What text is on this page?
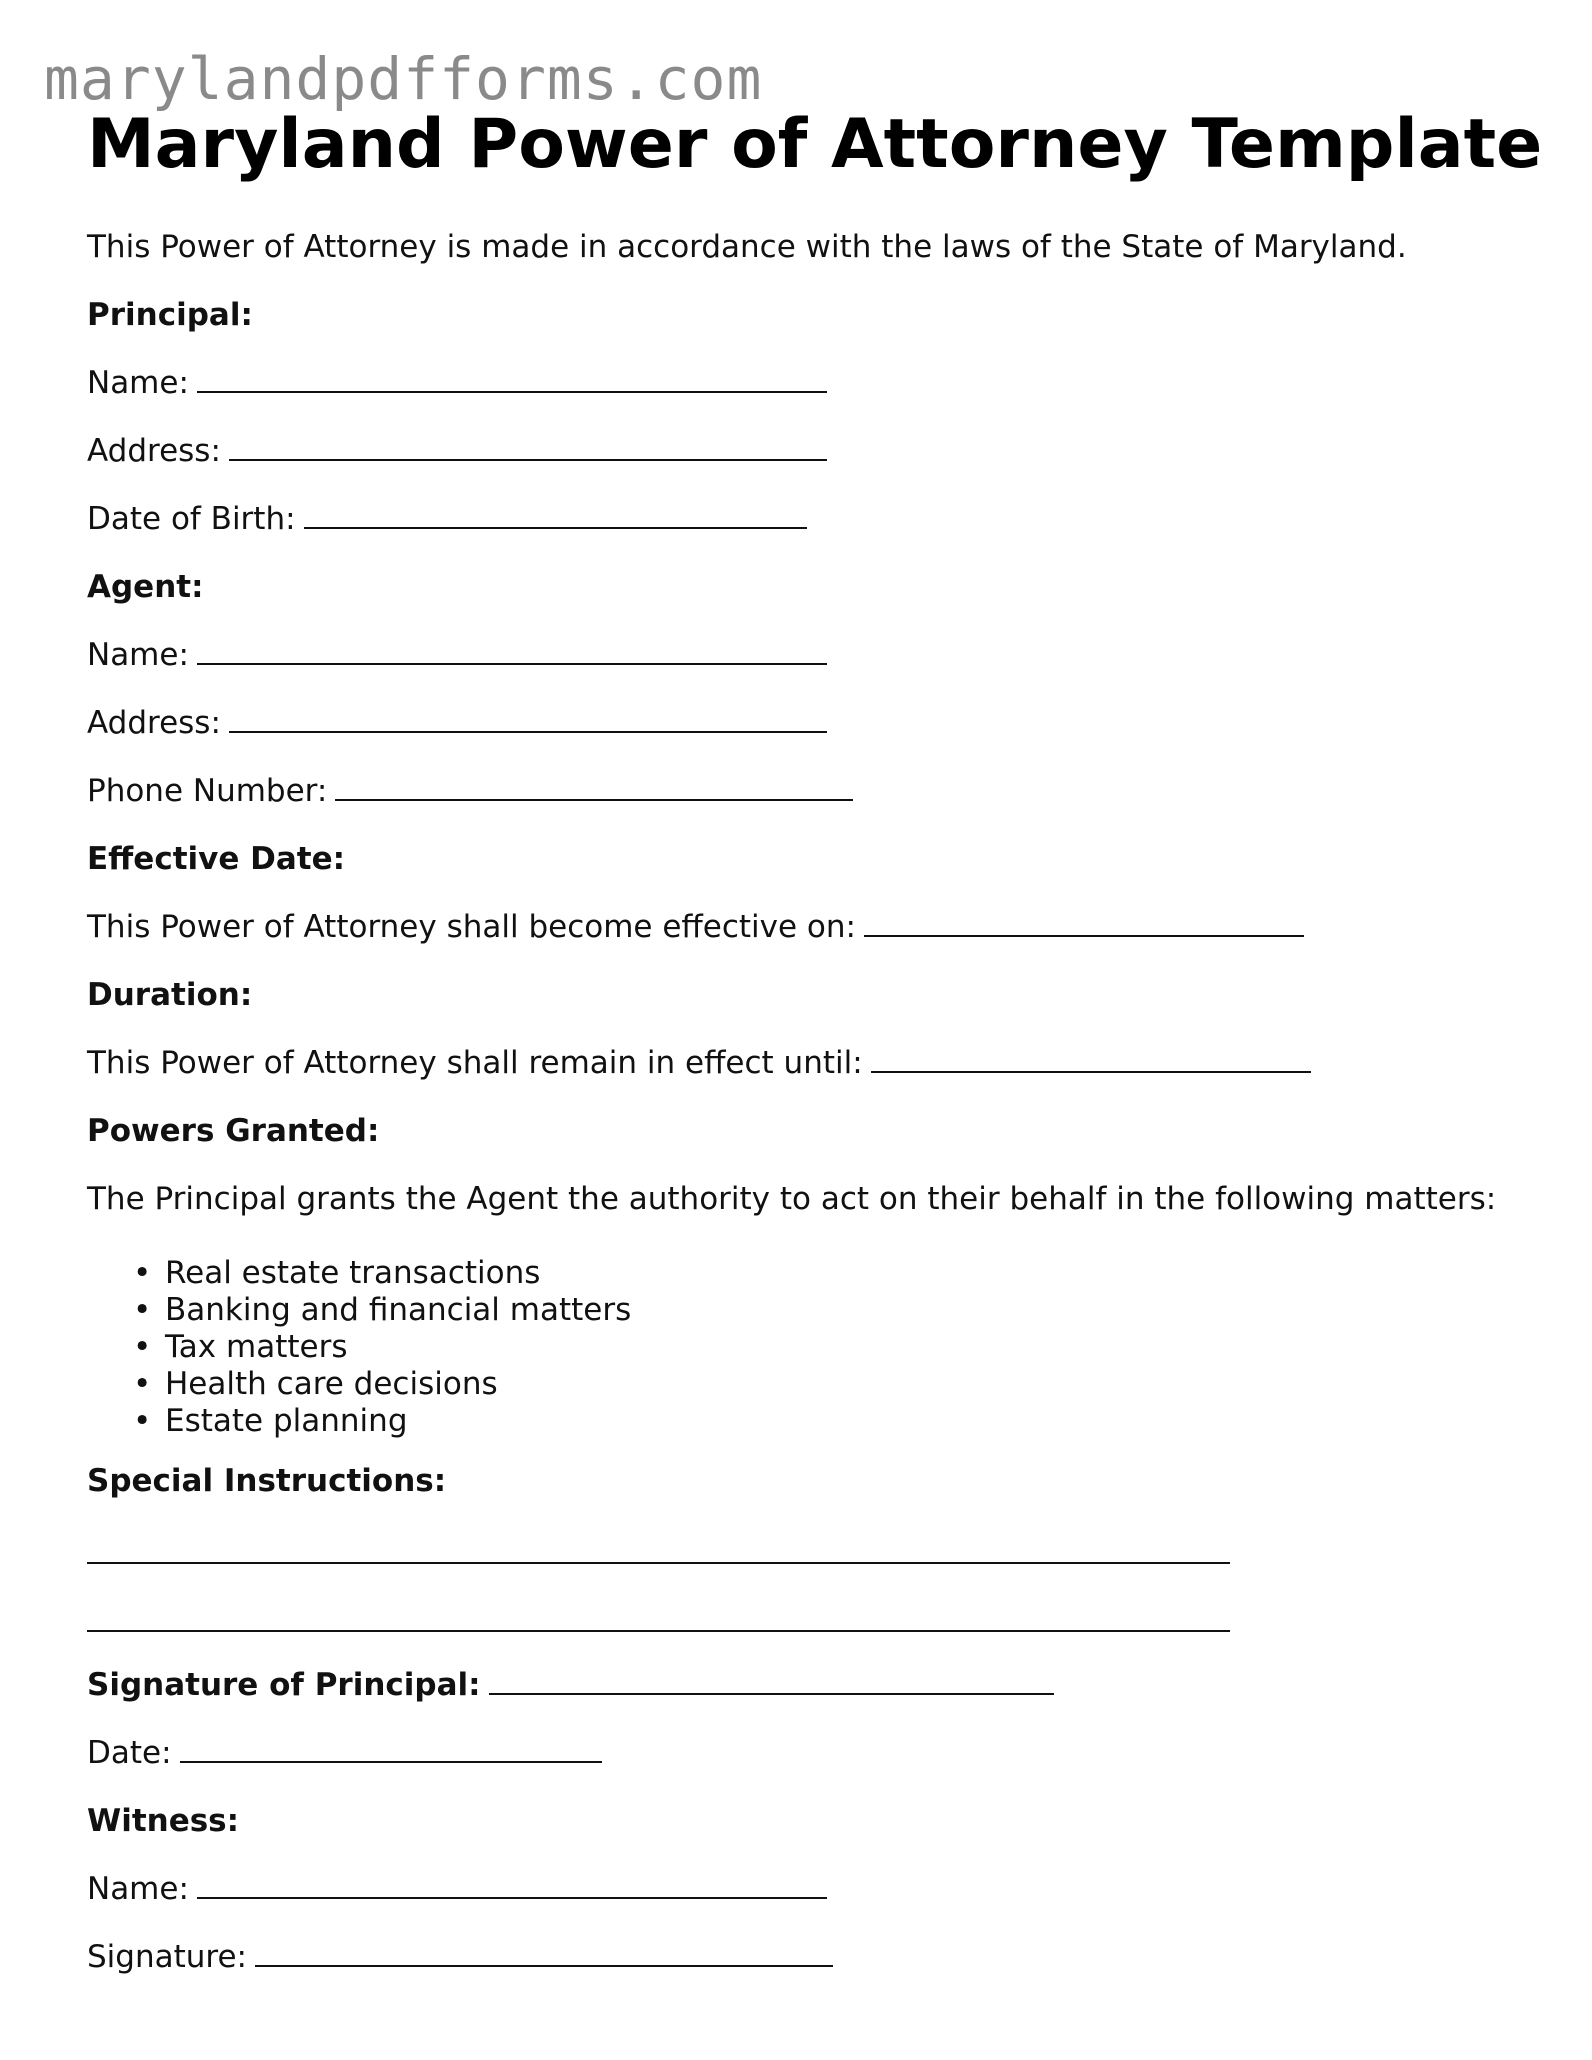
marylandpdfforms.com
Maryland Power of Attorney Template
This Power of Attorney is made in accordance with the laws of the State of Maryland.
Principal:
Name:
Address:
Date of Birth:
Agent:
Name:
Address:
Phone Number:
Effective Date:
This Power of Attorney shall become effective on:
Duration:
This Power of Attorney shall remain in effect until:
Powers Granted:
The Principal grants the Agent the authority to act on their behalf in the following matters:
• Real estate transactions
• Banking and financial matters
• Tax matters
• Health care decisions
• Estate planning
Special Instructions:
Signature of Principal:
Date:
Witness:
Name:
Signature:
